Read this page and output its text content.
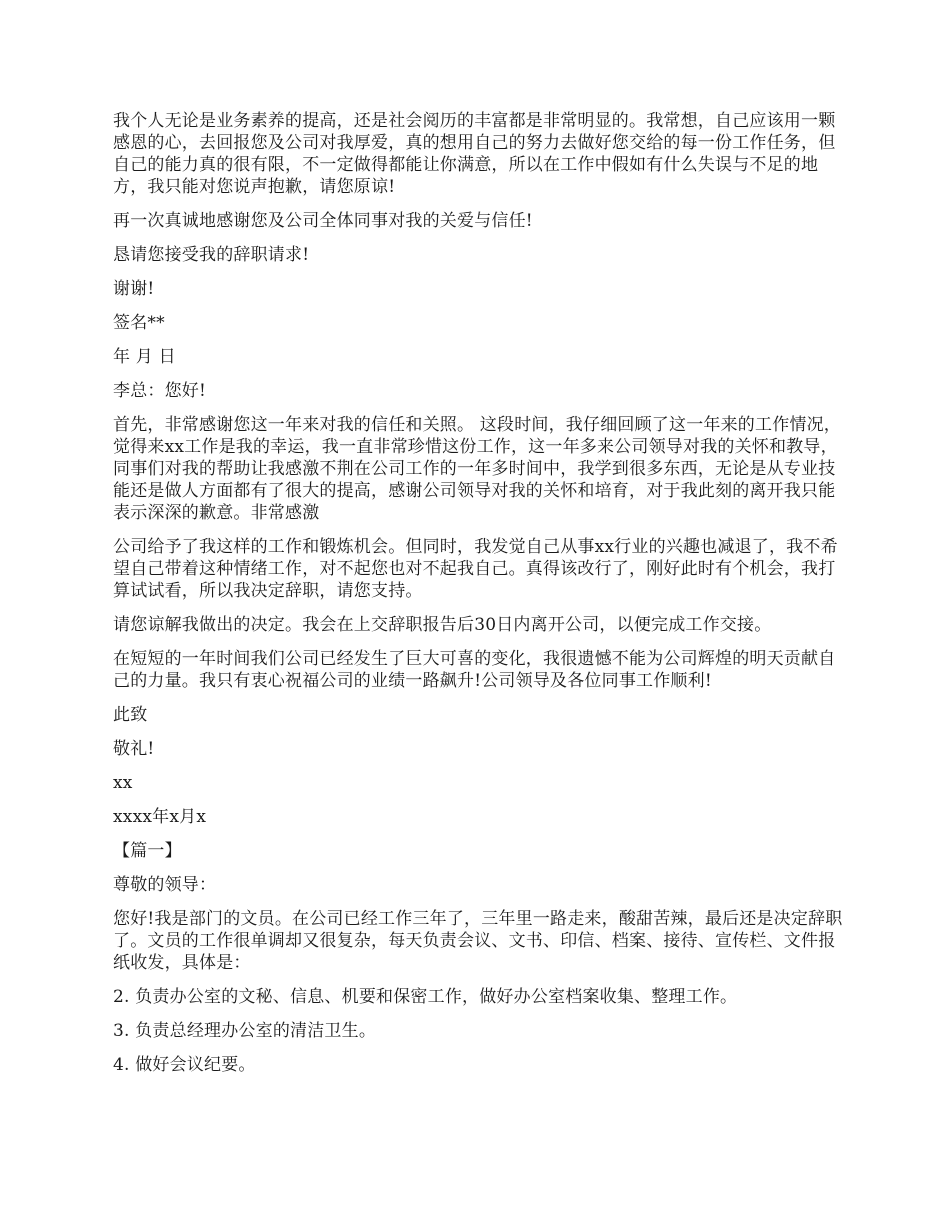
我个人无论是业务素养的提高，还是社会阅历的丰富都是非常明显的。我常想，自己应该用一颗感恩的心，去回报您及公司对我厚爱，真的想用自己的努力去做好您交给的每一份工作任务，但自己的能力真的很有限，不一定做得都能让你满意，所以在工作中假如有什么失误与不足的地方，我只能对您说声抱歉，请您原谅!

再一次真诚地感谢您及公司全体同事对我的关爱与信任!

恳请您接受我的辞职请求!

谢谢!

签名**

年 月 日

李总：您好!

首先，非常感谢您这一年来对我的信任和关照。 这段时间，我仔细回顾了这一年来的工作情况，觉得来xx工作是我的幸运，我一直非常珍惜这份工作，这一年多来公司领导对我的关怀和教导，同事们对我的帮助让我感激不荆在公司工作的一年多时间中，我学到很多东西，无论是从专业技能还是做人方面都有了很大的提高，感谢公司领导对我的关怀和培育，对于我此刻的离开我只能表示深深的歉意。非常感激

公司给予了我这样的工作和锻炼机会。但同时，我发觉自己从事xx行业的兴趣也减退了，我不希望自己带着这种情绪工作，对不起您也对不起我自己。真得该改行了，刚好此时有个机会，我打算试试看，所以我决定辞职，请您支持。

请您谅解我做出的决定。我会在上交辞职报告后30日内离开公司，以便完成工作交接。

在短短的一年时间我们公司已经发生了巨大可喜的变化，我很遗憾不能为公司辉煌的明天贡献自己的力量。我只有衷心祝福公司的业绩一路飙升!公司领导及各位同事工作顺利!

此致

敬礼!

xx

xxxx年x月x

【篇一】

尊敬的领导：

您好!我是部门的文员。在公司已经工作三年了，三年里一路走来，酸甜苦辣，最后还是决定辞职了。文员的工作很单调却又很复杂，每天负责会议、文书、印信、档案、接待、宣传栏、文件报纸收发，具体是：

2. 负责办公室的文秘、信息、机要和保密工作，做好办公室档案收集、整理工作。

3. 负责总经理办公室的清洁卫生。

4. 做好会议纪要。
